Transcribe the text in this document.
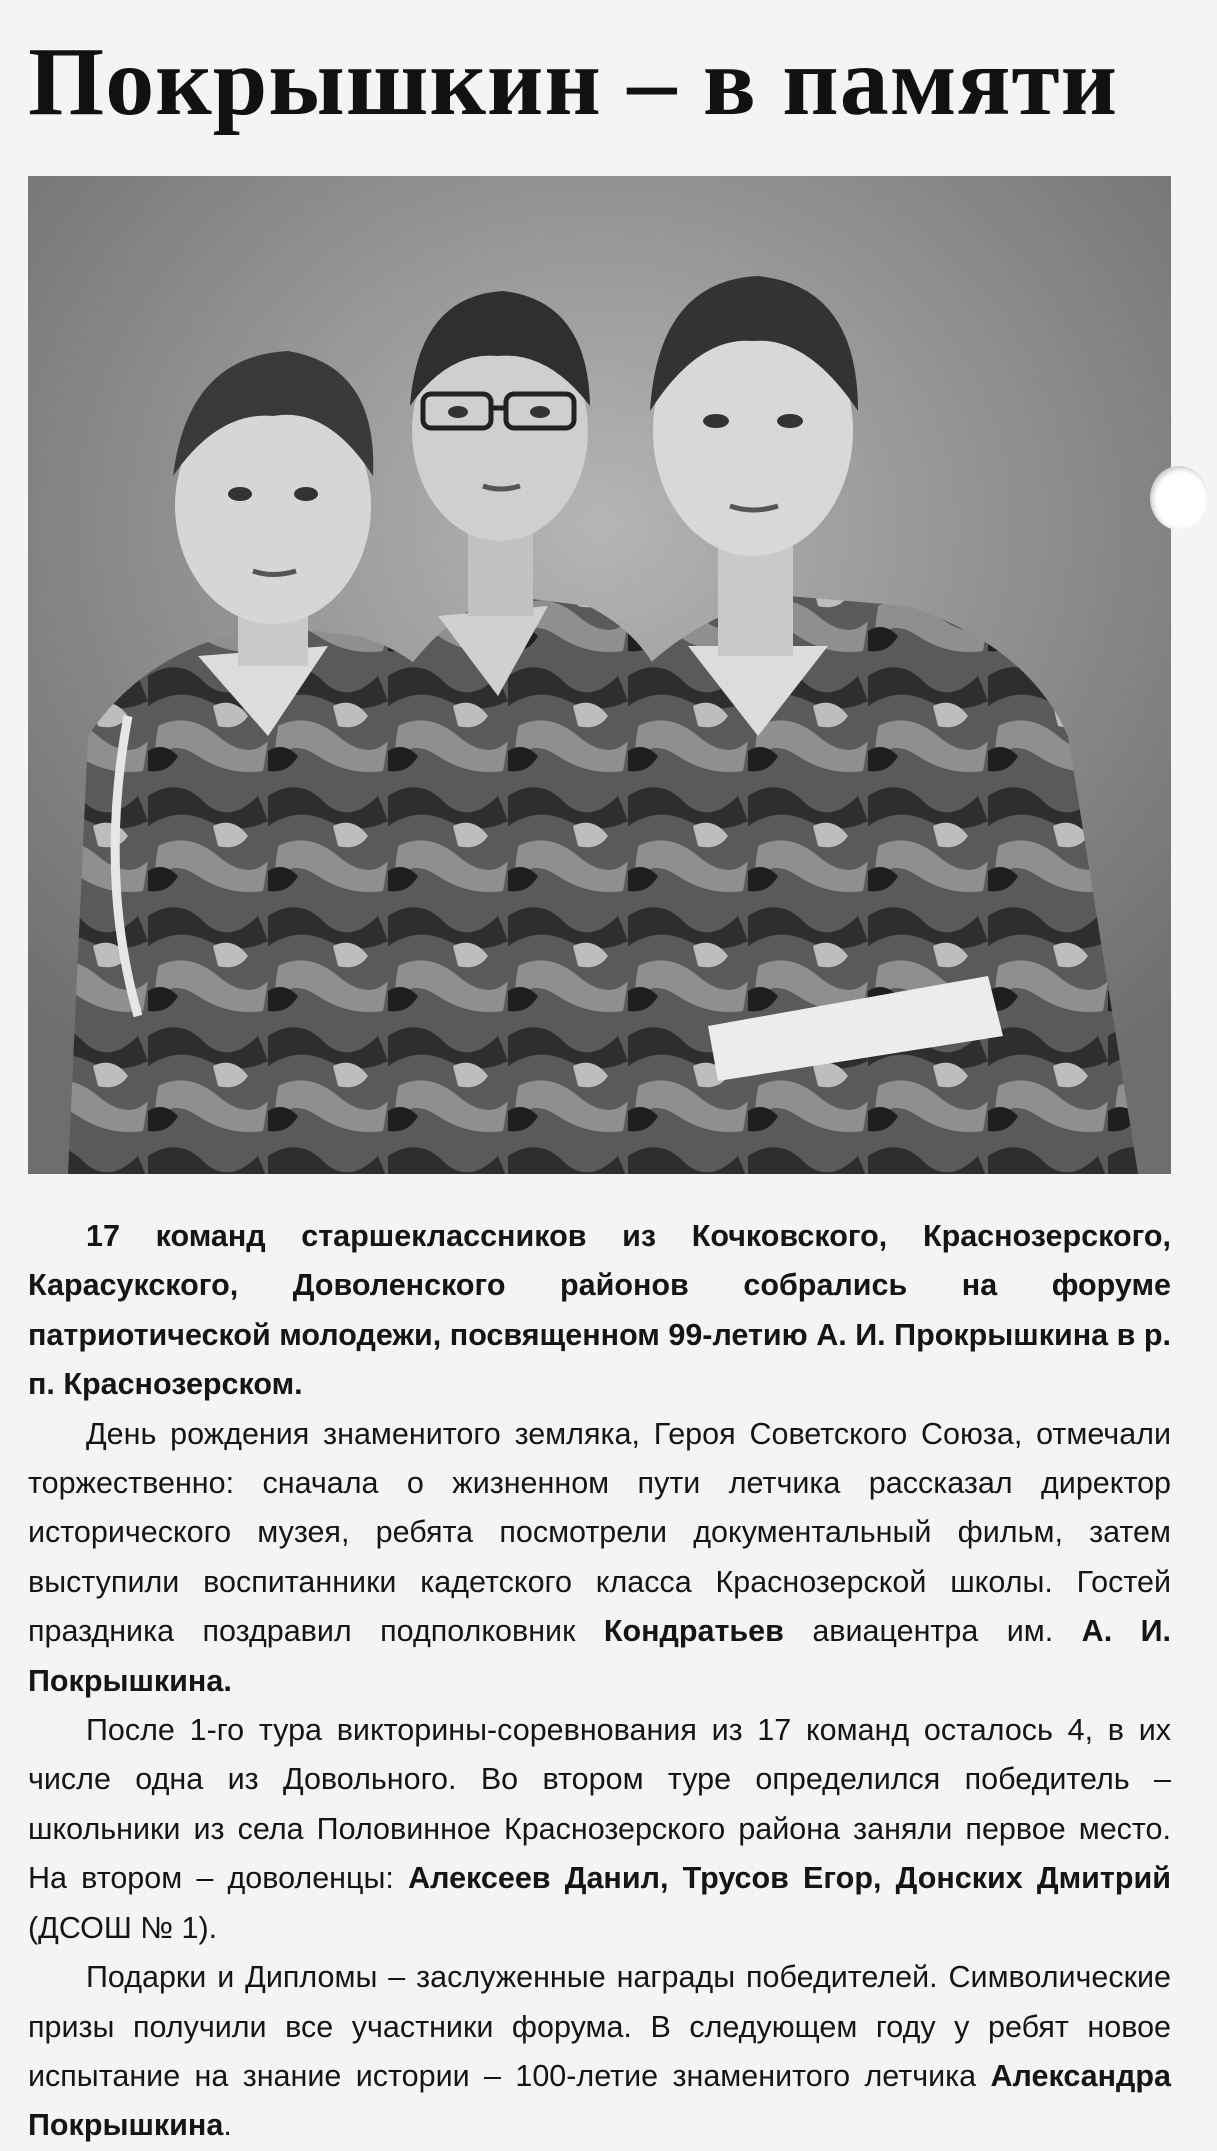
Покрышкин – в памяти

17 команд старшеклассников из Кочковского, Краснозерского, Карасукского, Доволенского районов собрались на форуме патриотической молодежи, посвященном 99-летию А. И. Прокрышкина в р. п. Краснозерском.

День рождения знаменитого земляка, Героя Советского Союза, отмечали торжественно: сначала о жизненном пути летчика рассказал директор исторического музея, ребята посмотрели документальный фильм, затем выступили воспитанники кадетского класса Краснозерской школы. Гостей праздника поздравил подполковник Кондратьев авиацентра им. А. И. Покрышкина.

После 1-го тура викторины-соревнования из 17 команд осталось 4, в их числе одна из Довольного. Во втором туре определился победитель – школьники из села Половинное Краснозерского района заняли первое место. На втором – доволенцы: Алексеев Данил, Трусов Егор, Донских Дмитрий (ДСОШ № 1).

Подарки и Дипломы – заслуженные награды победителей. Символические призы получили все участники форума. В следующем году у ребят новое испытание на знание истории – 100-летие знаменитого летчика Александра Покрышкина.
